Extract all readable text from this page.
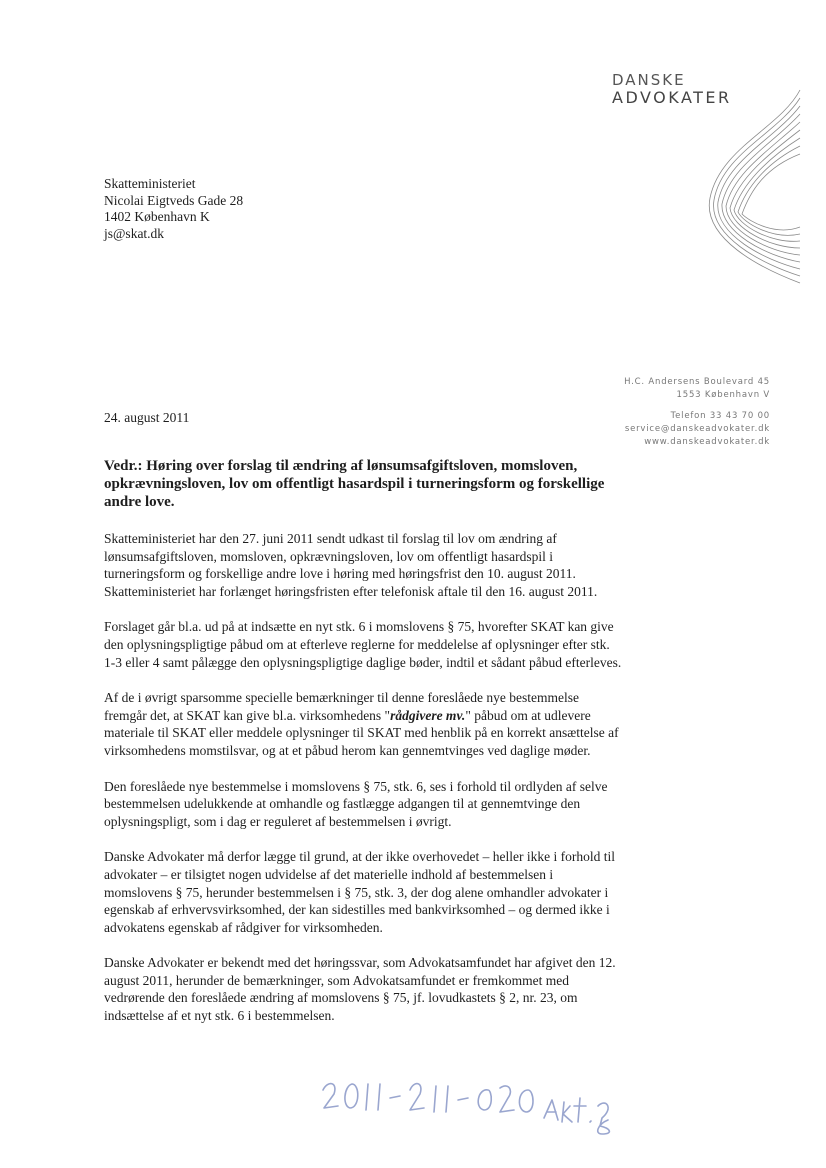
DANSKE
ADVOKATER
Skatteministeriet
Nicolai Eigtveds Gade 28
1402 København K
js@skat.dk
H.C. Andersens Boulevard 45
1553 København V
Telefon 33 43 70 00
service@danskeadvokater.dk
www.danskeadvokater.dk
24. august 2011
Vedr.: Høring over forslag til ændring af lønsumsafgiftsloven, momsloven, opkrævningsloven, lov om offentligt hasardspil i turneringsform og forskellige andre love.

Skatteministeriet har den 27. juni 2011 sendt udkast til forslag til lov om ændring af lønsumsafgiftsloven, momsloven, opkrævningsloven, lov om offentligt hasardspil i turneringsform og forskellige andre love i høring med høringsfrist den 10. august 2011. Skatteministeriet har forlænget høringsfristen efter telefonisk aftale til den 16. august 2011.

Forslaget går bl.a. ud på at indsætte en nyt stk. 6 i momslovens § 75, hvorefter SKAT kan give den oplysningspligtige påbud om at efterleve reglerne for meddelelse af oplysninger efter stk. 1-3 eller 4 samt pålægge den oplysningspligtige daglige bøder, indtil et sådant påbud efterleves.

Af de i øvrigt sparsomme specielle bemærkninger til denne foreslåede nye bestemmelse fremgår det, at SKAT kan give bl.a. virksomhedens "rådgivere mv." påbud om at udlevere materiale til SKAT eller meddele oplysninger til SKAT med henblik på en korrekt ansættelse af virksomhedens momstilsvar, og at et påbud herom kan gennemtvinges ved daglige møder.

Den foreslåede nye bestemmelse i momslovens § 75, stk. 6, ses i forhold til ordlyden af selve bestemmelsen udelukkende at omhandle og fastlægge adgangen til at gennemtvinge den oplysningspligt, som i dag er reguleret af bestemmelsen i øvrigt.

Danske Advokater må derfor lægge til grund, at der ikke overhovedet – heller ikke i forhold til advokater – er tilsigtet nogen udvidelse af det materielle indhold af bestemmelsen i momslovens § 75, herunder bestemmelsen i § 75, stk. 3, der dog alene omhandler advokater i egenskab af erhvervsvirksomhed, der kan sidestilles med bankvirksomhed – og dermed ikke i advokatens egenskab af rådgiver for virksomheden.

Danske Advokater er bekendt med det høringssvar, som Advokatsamfundet har afgivet den 12. august 2011, herunder de bemærkninger, som Advokatsamfundet er fremkommet med vedrørende den foreslåede ændring af momslovens § 75, jf. lovudkastets § 2, nr. 23, om indsættelse af et nyt stk. 6 i bestemmelsen.
